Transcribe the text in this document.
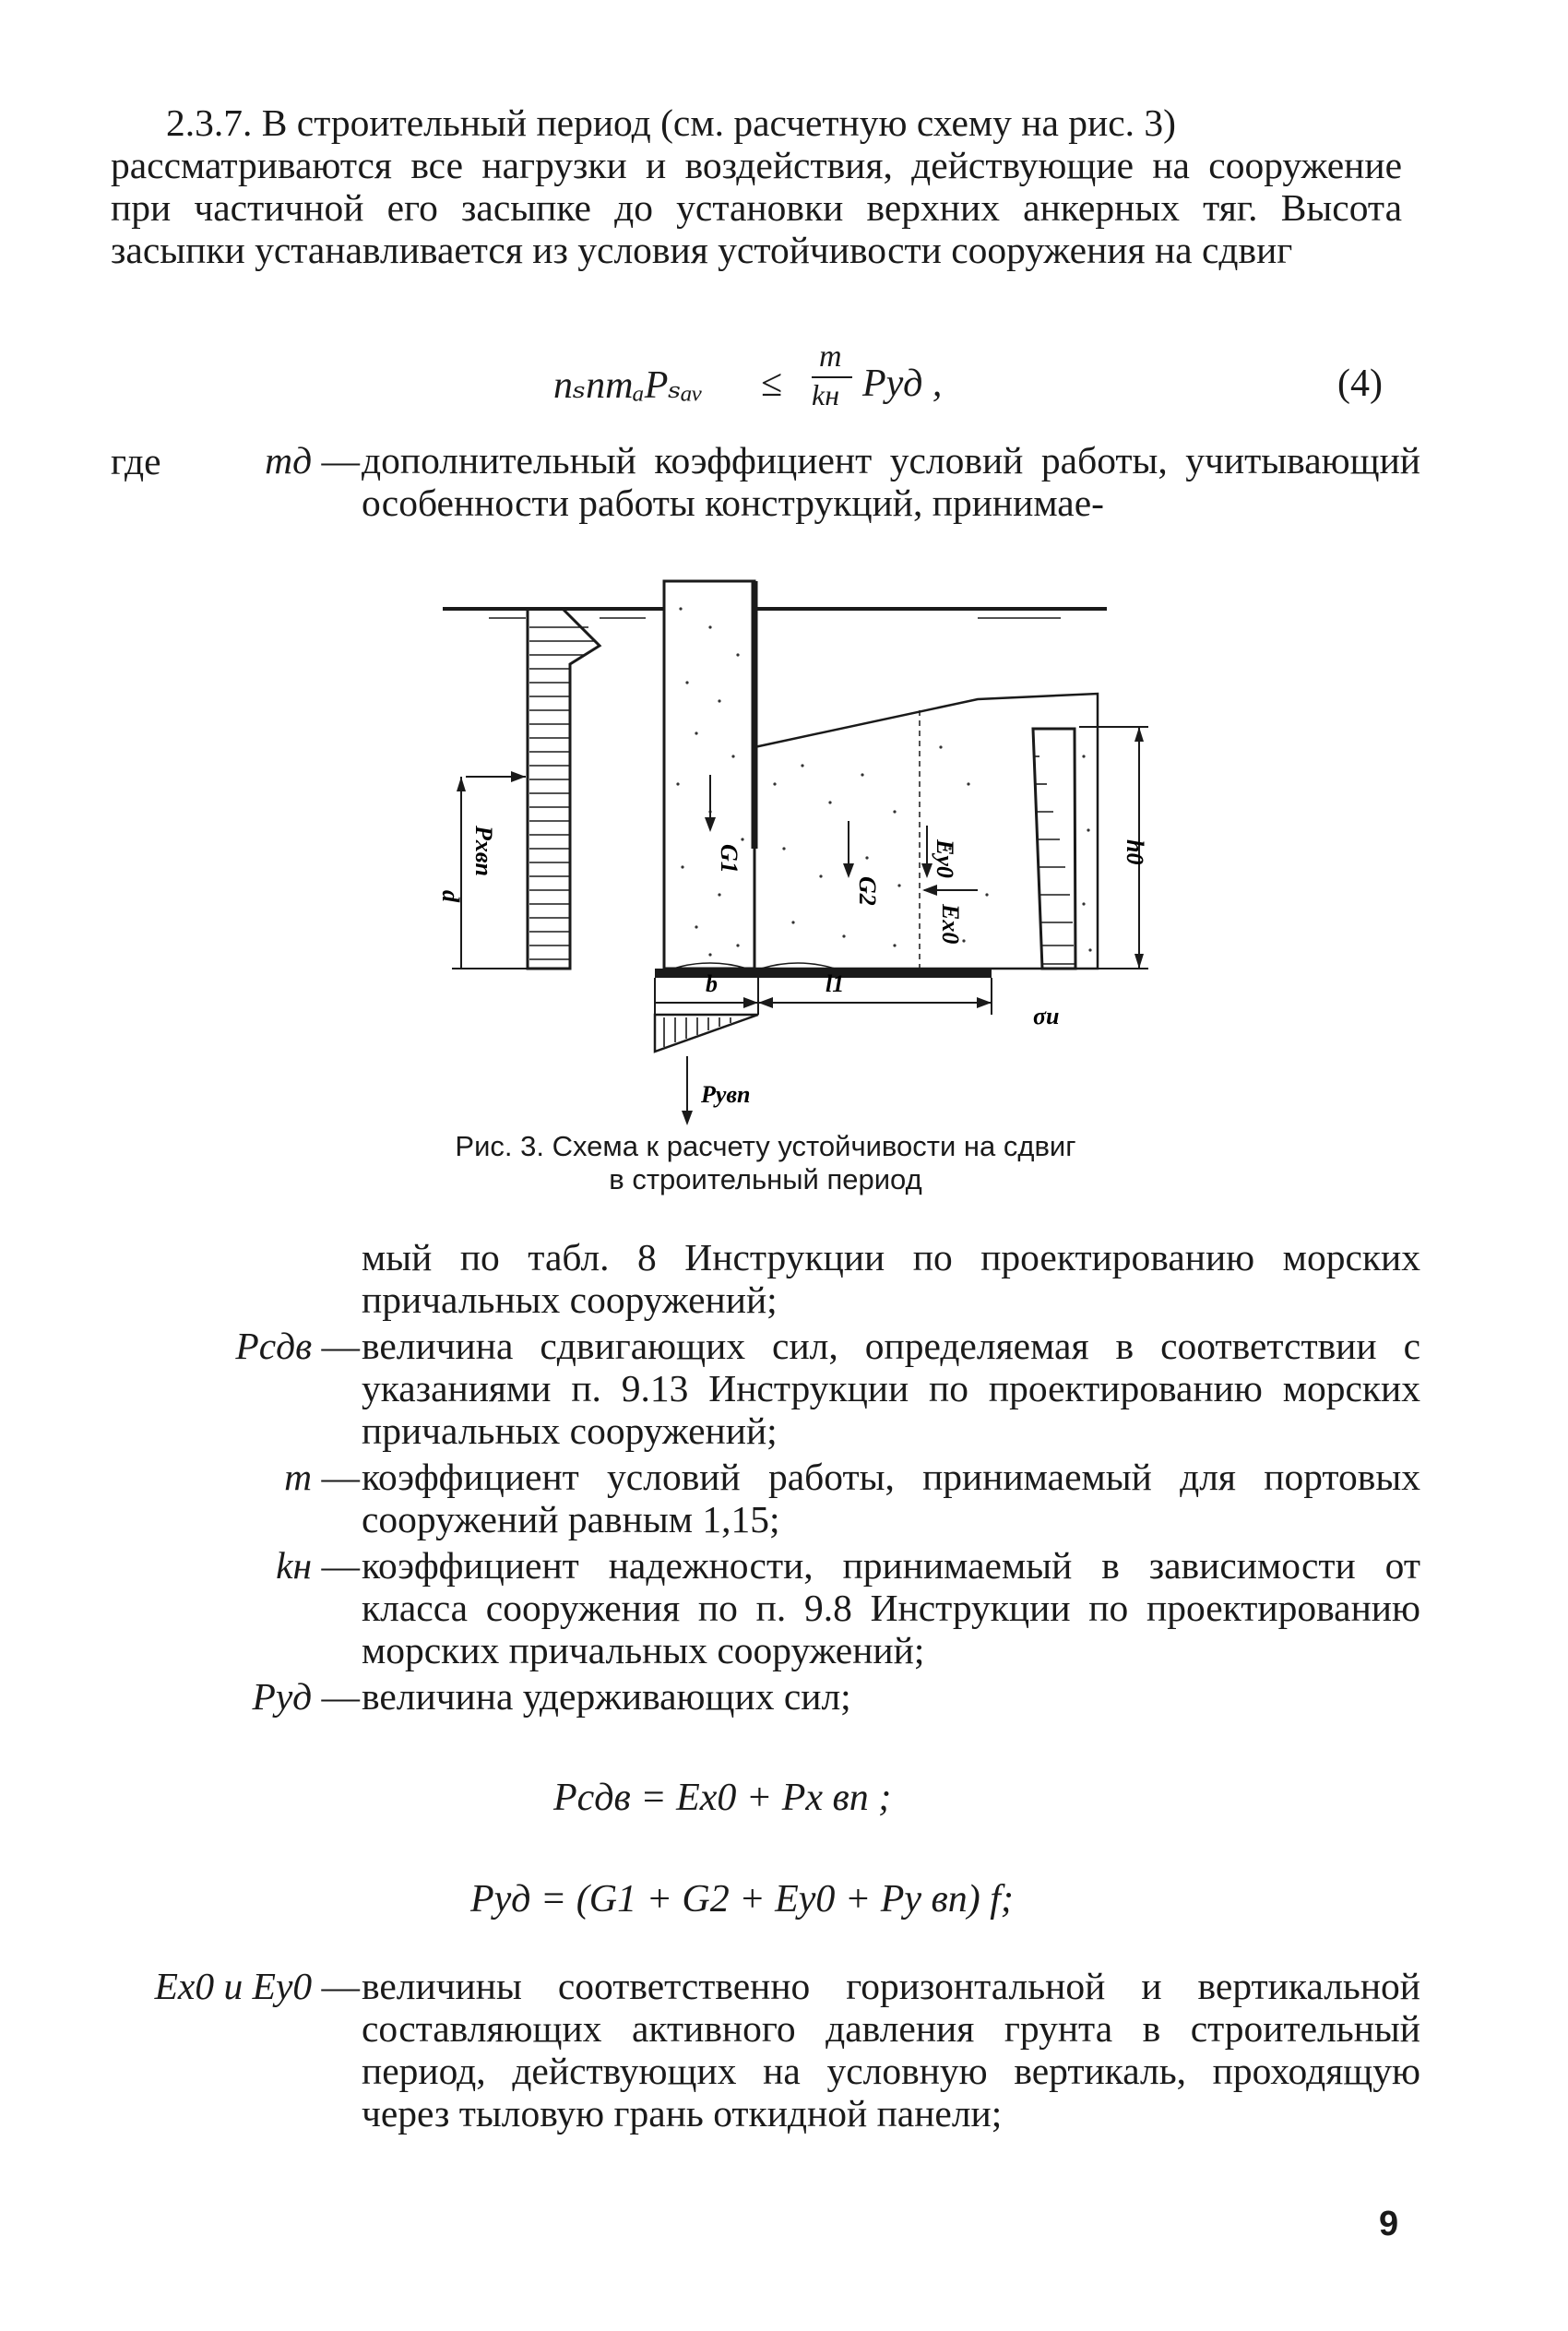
2.3.7. В строительный период (см. расчетную схему на рис. 3)
рассматриваются все нагрузки и воздействия, действующие на сооружение при частичной его засыпке до установки верхних анкерных тяг. Высота засыпки устанавливается из условия устойчивости сооружения на сдвиг
nₛnmₐPₛₐᵥ ≤
m
kн Pуд ,	(4)
где	mд — дополнительный коэффициент условий работы, учитывающий особенности работы конструкций, принимае-
Pxвп
d
G1
G2
Ey0
Ex0
σu
h0
b	l1
Pyвп
Рис. 3. Схема к расчету устойчивости на сдвиг
в строительный период
мый по табл. 8 Инструкции по проектированию морских причальных сооружений;
Pсдв — величина сдвигающих сил, определяемая в соответствии с указаниями п. 9.13 Инструкции по проектированию морских причальных сооружений;
m — коэффициент условий работы, принимаемый для портовых сооружений равным 1,15;
kн — коэффициент надежности, принимаемый в зависимости от класса сооружения по п. 9.8 Инструкции по проектированию морских причальных сооружений;
Pуд — величина удерживающих сил;
Pсдв = Ex0 + Px вп ;
Pуд = (G1 + G2 + Ey0 + Py вп) f;
Ex0 и Ey0 — величины соответственно горизонтальной и вертикальной составляющих активного давления грунта в строительный период, действующих на условную вертикаль, проходящую через тыловую грань откидной панели;
9
